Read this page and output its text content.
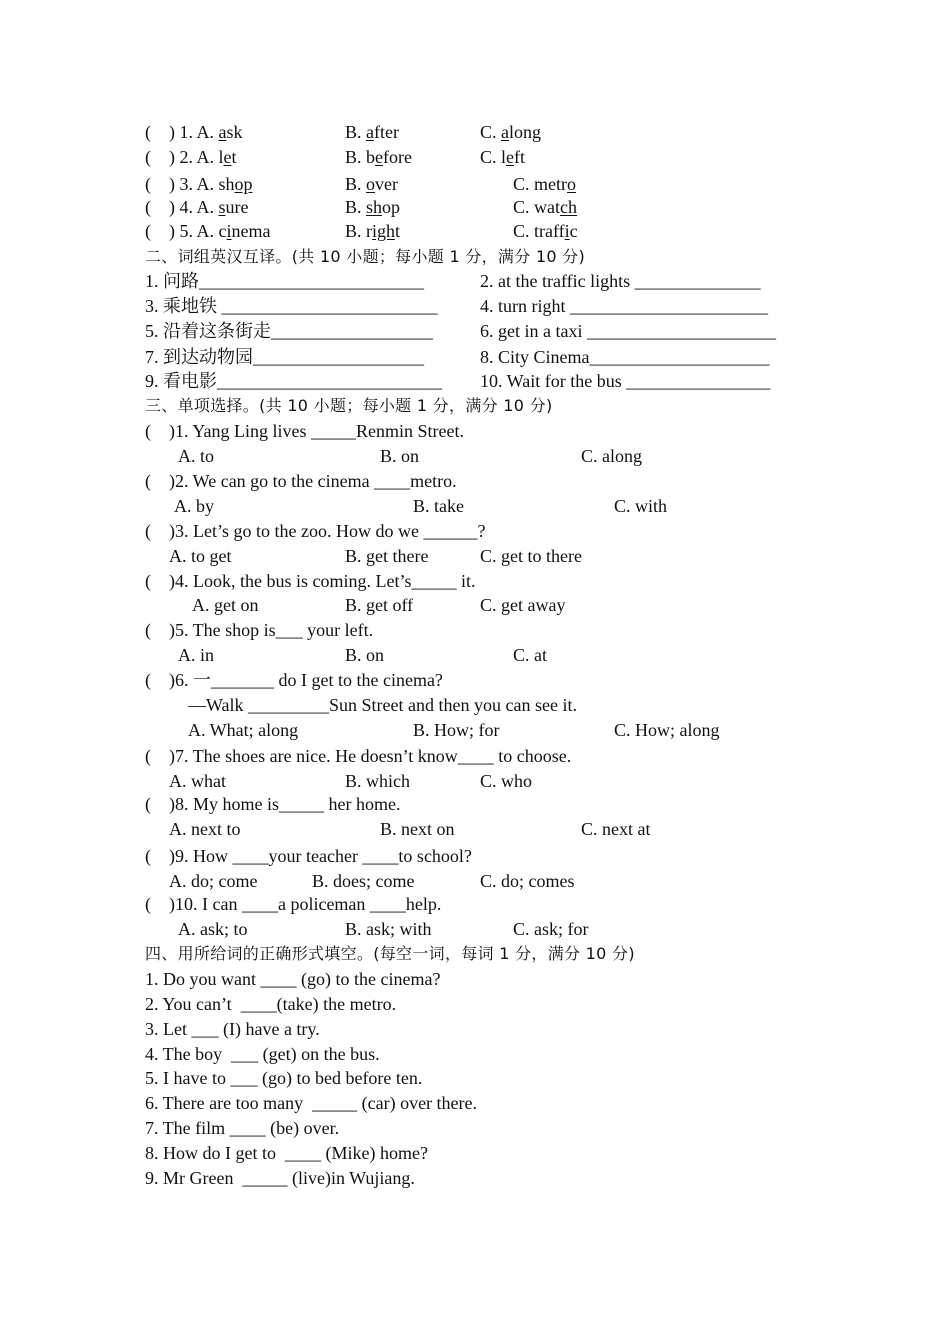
(    ) 1. A. ask	B. after	C. along
(    ) 2. A. let	B. before	C. left
(    ) 3. A. shop	B. over	C. metro
(    ) 4. A. sure	B. shop	C. watch
(    ) 5. A. cinema	B. right	C. traffic
二、词组英汉互译。(共 10 小题；每小题 1 分，满分 10 分)
1. 问路_________________________	2. at the traffic lights ______________
3. 乘地铁 ________________________ 4. turn right ______________________
5. 沿着这条街走__________________	6. get in a taxi _____________________
7. 到达动物园___________________	8. City Cinema____________________
9. 看电影_________________________ 10. Wait for the bus ________________
三、单项选择。(共 10 小题；每小题 1 分，满分 10 分)
(    )1. Yang Ling lives _____Renmin Street.
A. to	B. on	C. along
(    )2. We can go to the cinema ____metro.
A. by	B. take	C. with
(    )3. Let’s go to the zoo. How do we ______?
A. to get	B. get there	C. get to there
(    )4. Look, the bus is coming. Let’s_____ it.
A. get on	B. get off	C. get away
(    )5. The shop is___ your left.
A. in	B. on	C. at
(    )6. 一_______ do I get to the cinema?
—Walk _________Sun Street and then you can see it.
A. What; along	B. How; for	C. How; along
(    )7. The shoes are nice. He doesn’t know____ to choose.
A. what	B. which	C. who
(    )8. My home is_____ her home.
A. next to	B. next on	C. next at
(    )9. How ____your teacher ____to school?
A. do; come	B. does; come	C. do; comes
(    )10. I can ____a policeman ____help.
A. ask; to	B. ask; with	C. ask; for
四、用所给词的正确形式填空。(每空一词，每词 1 分，满分 10 分)
1. Do you want ____ (go) to the cinema?
2. You can’t  ____(take) the metro.
3. Let ___ (I) have a try.
4. The boy  ___ (get) on the bus.
5. I have to ___ (go) to bed before ten.
6. There are too many  _____ (car) over there.
7. The film ____ (be) over.
8. How do I get to  ____ (Mike) home?
9. Mr Green  _____ (live)in Wujiang.
